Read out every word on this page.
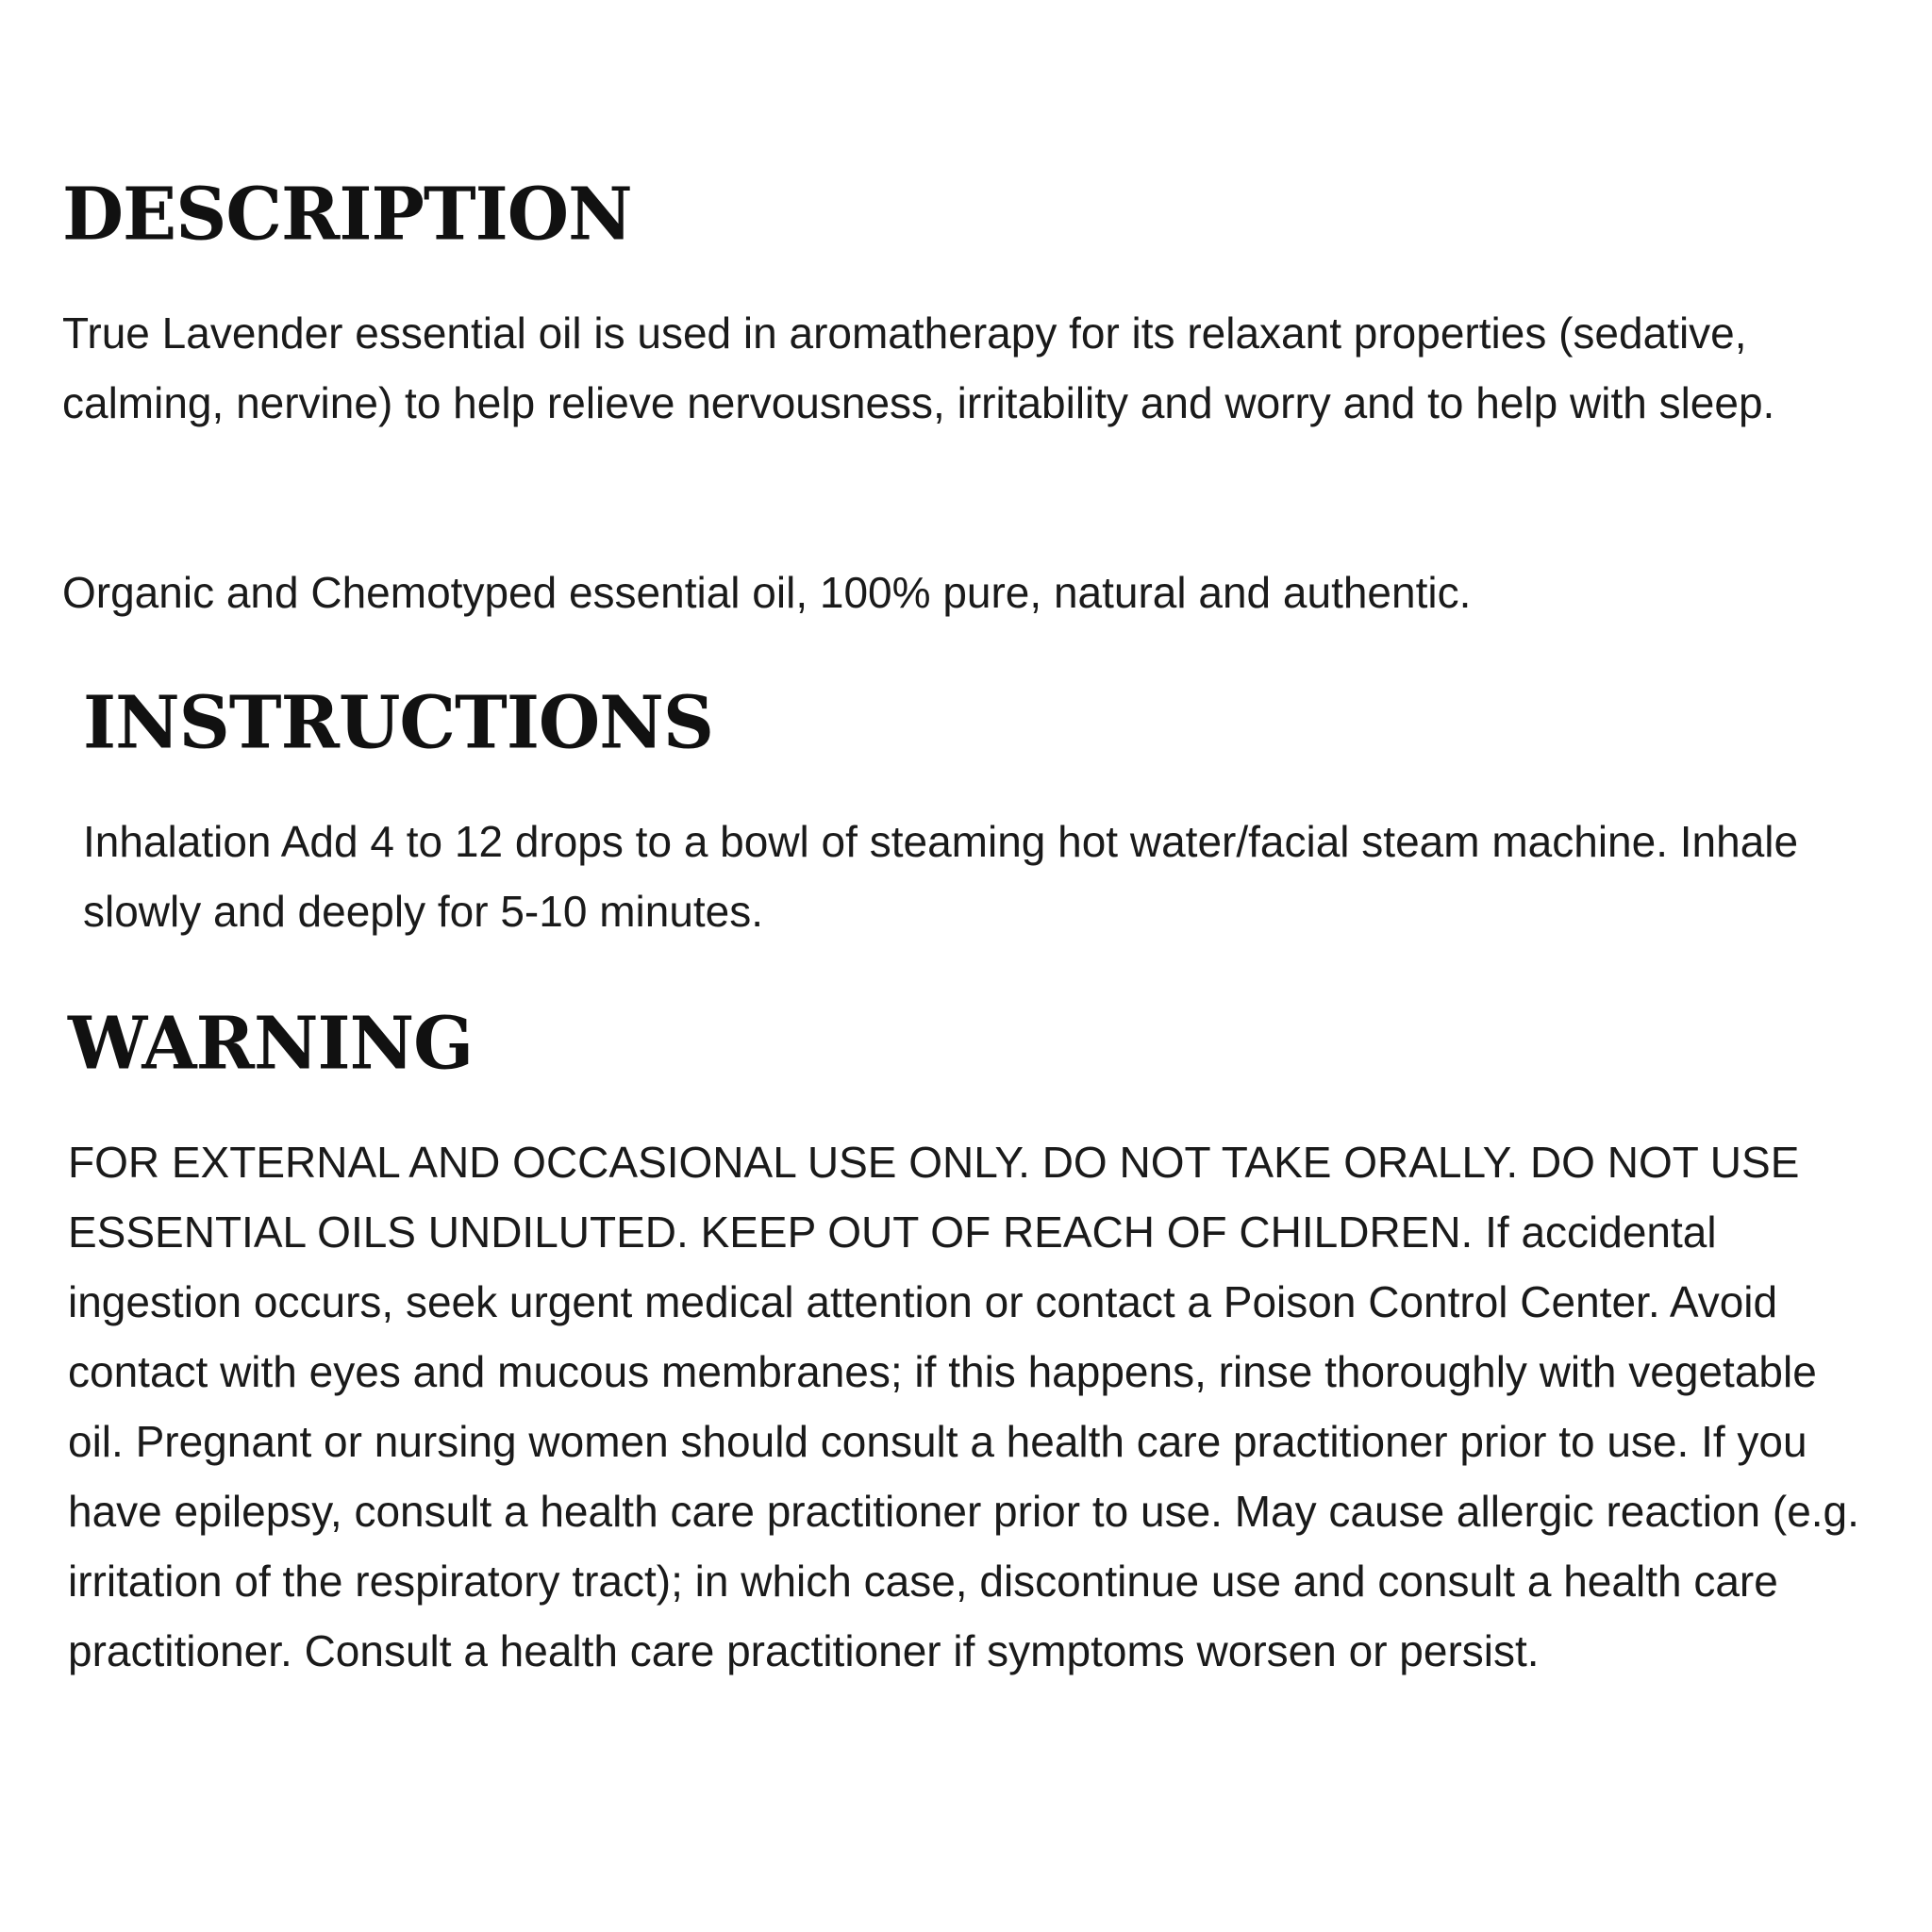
DESCRIPTION

True Lavender essential oil is used in aromatherapy for its relaxant properties (sedative, calming, nervine) to help relieve nervousness, irritability and worry and to help with sleep.

Organic and Chemotyped essential oil, 100% pure, natural and authentic.

INSTRUCTIONS

Inhalation Add 4 to 12 drops to a bowl of steaming hot water/facial steam machine. Inhale slowly and deeply for 5-10 minutes.

WARNING

FOR EXTERNAL AND OCCASIONAL USE ONLY. DO NOT TAKE ORALLY. DO NOT USE ESSENTIAL OILS UNDILUTED. KEEP OUT OF REACH OF CHILDREN. If accidental ingestion occurs, seek urgent medical attention or contact a Poison Control Center. Avoid contact with eyes and mucous membranes; if this happens, rinse thoroughly with vegetable oil. Pregnant or nursing women should consult a health care practitioner prior to use. If you have epilepsy, consult a health care practitioner prior to use. May cause allergic reaction (e.g. irritation of the respiratory tract); in which case, discontinue use and consult a health care practitioner. Consult a health care practitioner if symptoms worsen or persist.
